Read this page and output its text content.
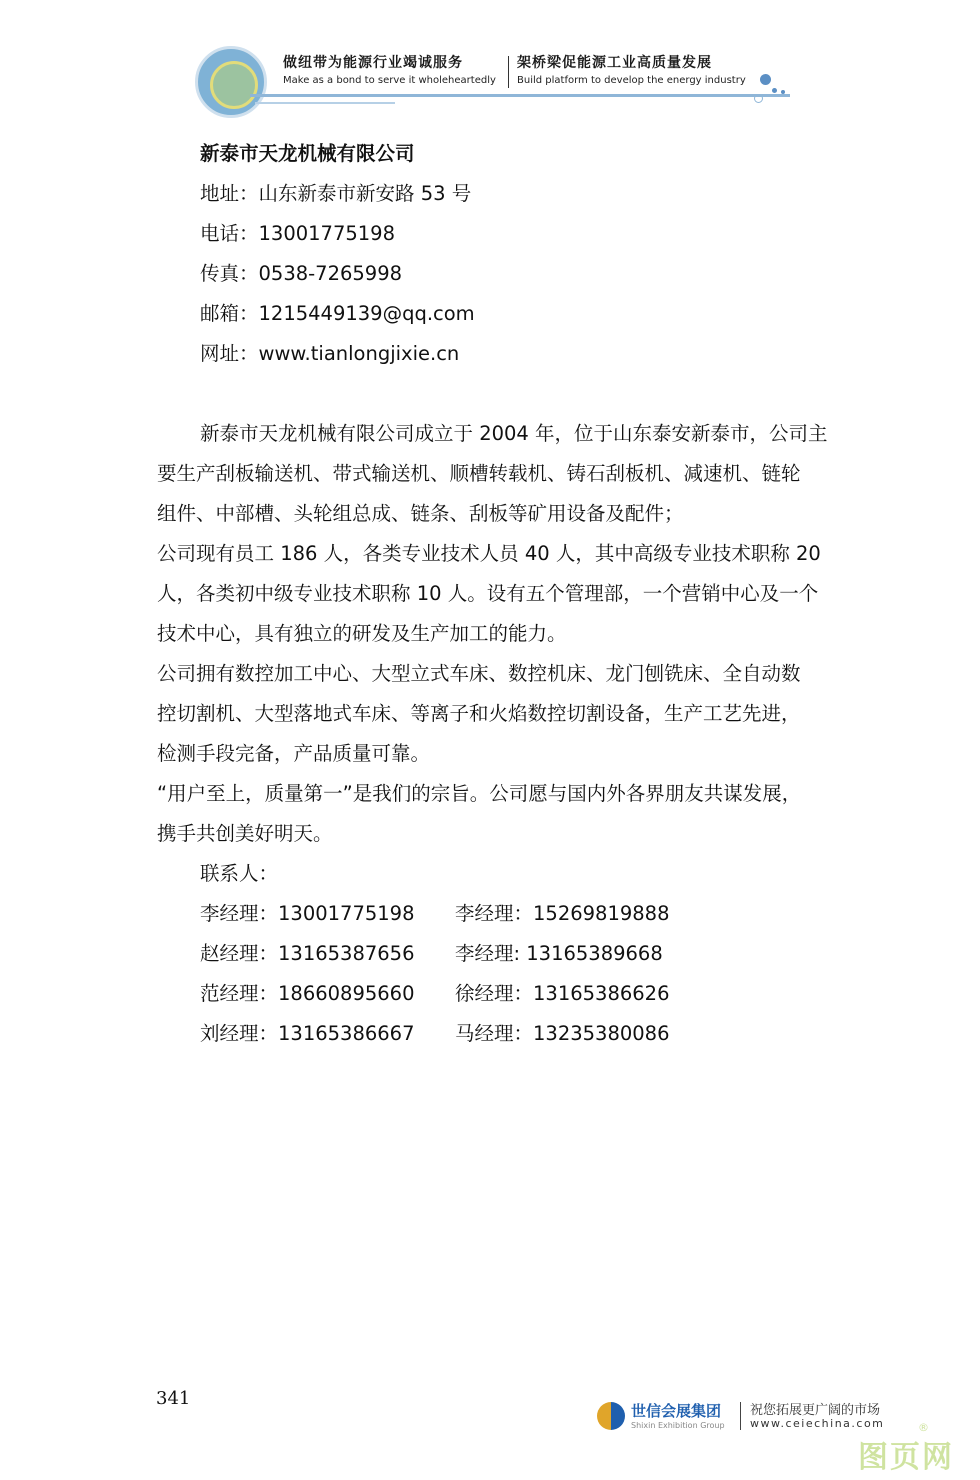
做纽带为能源行业竭诚服务
Make as a bond to serve it wholeheartedly
架桥梁促能源工业高质量发展
Build platform to develop the energy industry
新泰市天龙机械有限公司
地址：山东新泰市新安路 53 号
电话：13001775198
传真：0538-7265998
邮箱：1215449139@qq.com
网址：www.tianlongjixie.cn
新泰市天龙机械有限公司成立于 2004 年，位于山东泰安新泰市，公司主
要生产刮板输送机、带式输送机、顺槽转载机、铸石刮板机、减速机、链轮
组件、中部槽、头轮组总成、链条、刮板等矿用设备及配件；
公司现有员工 186 人，各类专业技术人员 40 人，其中高级专业技术职称 20
人，各类初中级专业技术职称 10 人。设有五个管理部，一个营销中心及一个
技术中心，具有独立的研发及生产加工的能力。
公司拥有数控加工中心、大型立式车床、数控机床、龙门刨铣床、全自动数
控切割机、大型落地式车床、等离子和火焰数控切割设备，生产工艺先进，
检测手段完备，产品质量可靠。
“用户至上，质量第一”是我们的宗旨。公司愿与国内外各界朋友共谋发展，
携手共创美好明天。
联系人：
李经理：13001775198 李经理：15269819888
赵经理：13165387656 李经理: 13165389668
范经理：18660895660 徐经理：13165386626
刘经理：13165386667 马经理：13235380086
341
世信会展集团
Shixin Exhibition Group
祝您拓展更广阔的市场
www.ceiechina.com	®
图页网
